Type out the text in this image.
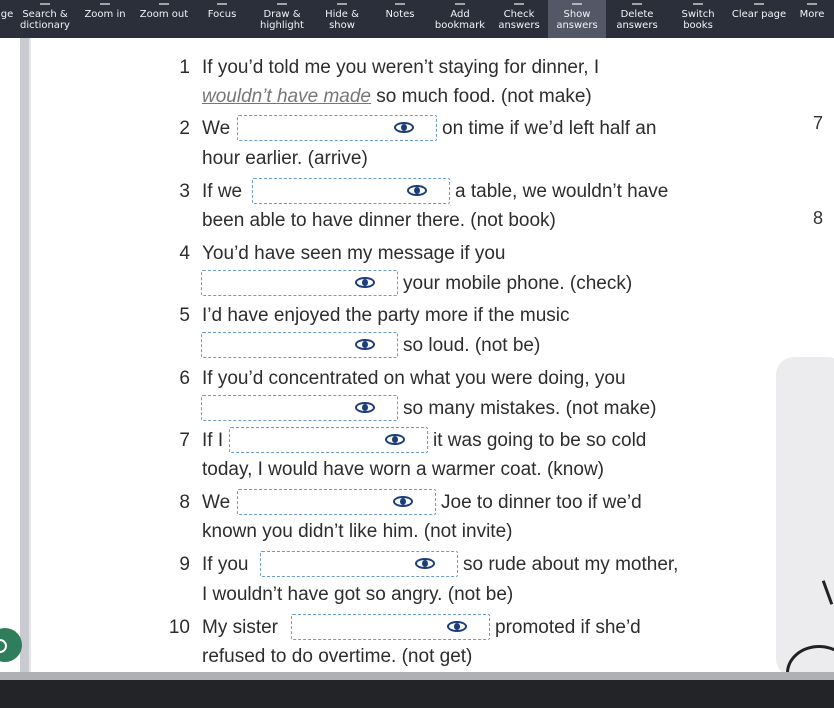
ge Search &
dictionary
Zoom in	Zoom out	Focus	Draw &
highlight
Hide &
show
Notes	Add
bookmark
Check
answers
Show
answers
Delete
answers
Switch
books
Clear page	More
7
8
1 If you’d told me you weren’t staying for dinner, I
wouldn’t have made so much food. (not make)
2 We	on time if we’d left half an
hour earlier. (arrive)
3 If we	a table, we wouldn’t have
been able to have dinner there. (not book)
4 You’d have seen my message if you
your mobile phone. (check)
5 I’d have enjoyed the party more if the music
so loud. (not be)
6 If you’d concentrated on what you were doing, you
so many mistakes. (not make)
7 If I	it was going to be so cold
today, I would have worn a warmer coat. (know)
8 We	Joe to dinner too if we’d
known you didn’t like him. (not invite)
9 If you	so rude about my mother,
I wouldn’t have got so angry. (not be)
10 My sister	promoted if she’d
refused to do overtime. (not get)
